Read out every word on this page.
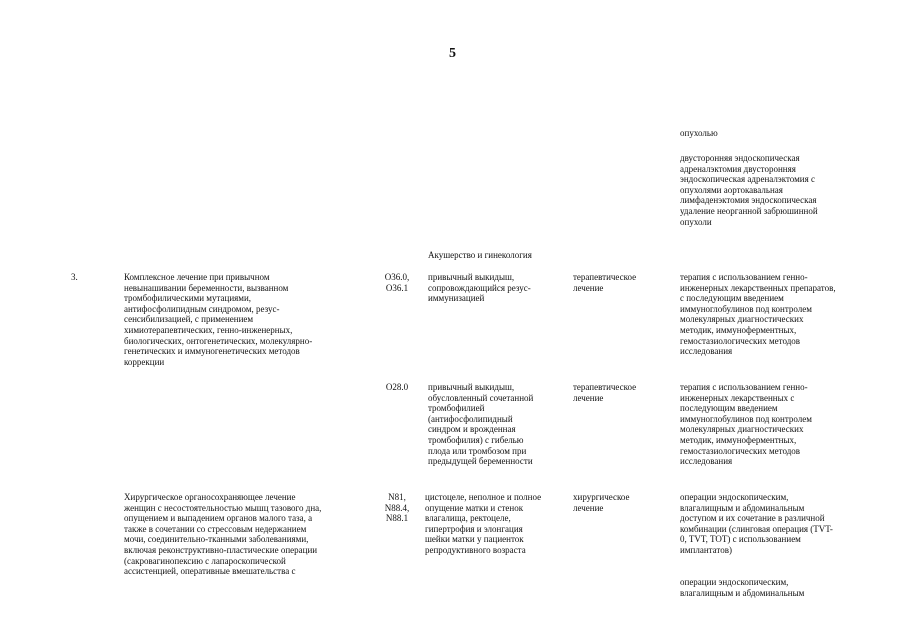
5
опухолью
двусторонняя эндоскопическая
адреналэктомия двусторонняя
эндоскопическая адреналэктомия с
опухолями аортокавальная
лимфаденэктомия эндоскопическая
удаление неорганной забрюшинной
опухоли
Акушерство и гинекология
3.	Комплексное лечение при привычном
невынашивании беременности, вызванном
тромбофилическими мутациями,
антифосфолипидным синдромом, резус-
сенсибилизацией, с применением
химиотерапевтических, генно-инженерных,
биологических, онтогенетических, молекулярно-
генетических и иммуногенетических методов
коррекции
O36.0,
O36.1
привычный выкидыш,
сопровождающийся резус-
иммунизацией
терапевтическое
лечение
терапия с использованием генно-
инженерных лекарственных препаратов,
с последующим введением
иммуноглобулинов под контролем
молекулярных диагностических
методик, иммуноферментных,
гемостазиологических методов
исследования
O28.0	привычный выкидыш,
обусловленный сочетанной
тромбофилией
(антифосфолипидный
синдром и врожденная
тромбофилия) с гибелью
плода или тромбозом при
предыдущей беременности
терапевтическое
лечение
терапия с использованием генно-
инженерных лекарственных с
последующим введением
иммуноглобулинов под контролем
молекулярных диагностических
методик, иммуноферментных,
гемостазиологических методов
исследования
Хирургическое органосохраняющее лечение
женщин с несостоятельностью мышц тазового дна,
опущением и выпадением органов малого таза, а
также в сочетании со стрессовым недержанием
мочи, соединительно-тканными заболеваниями,
включая реконструктивно-пластические операции
(сакровагинопексию с лапароскопической
ассистенцией, оперативные вмешательства с
N81,
N88.4,
N88.1
цистоцеле, неполное и полное
опущение матки и стенок
влагалища, ректоцеле,
гипертрофия и элонгация
шейки матки у пациенток
репродуктивного возраста
хирургическое
лечение
операции эндоскопическим,
влагалищным и абдоминальным
доступом и их сочетание в различной
комбинации (слинговая операция (TVT-
0, TVT, TOT) с использованием
имплантатов)
операции эндоскопическим,
влагалищным и абдоминальным
